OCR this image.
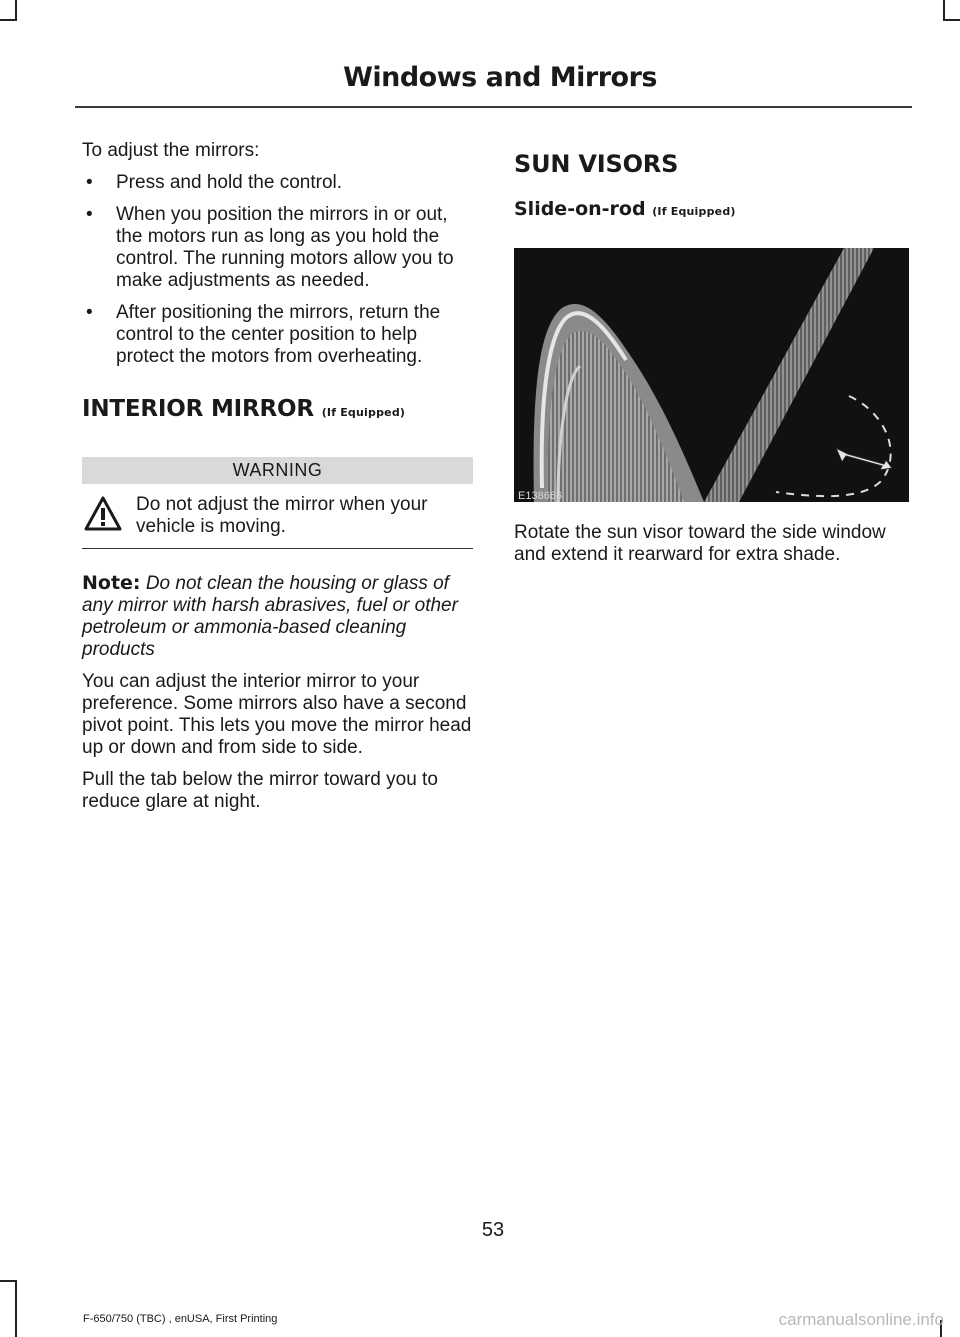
Windows and Mirrors

To adjust the mirrors:

• Press and hold the control.
• When you position the mirrors in or out, the motors run as long as you hold the control. The running motors allow you to make adjustments as needed.
• After positioning the mirrors, return the control to the center position to help protect the motors from overheating.
INTERIOR MIRROR (If Equipped)
WARNING
Do not adjust the mirror when your vehicle is moving.

Note: Do not clean the housing or glass of any mirror with harsh abrasives, fuel or other petroleum or ammonia-based cleaning products

You can adjust the interior mirror to your preference. Some mirrors also have a second pivot point. This lets you move the mirror head up or down and from side to side.

Pull the tab below the mirror toward you to reduce glare at night.

SUN VISORS
Slide-on-rod (If Equipped)
E138666

Rotate the sun visor toward the side window and extend it rearward for extra shade.

53
F-650/750 (TBC) , enUSA, First Printing	carmanualsonline.info
